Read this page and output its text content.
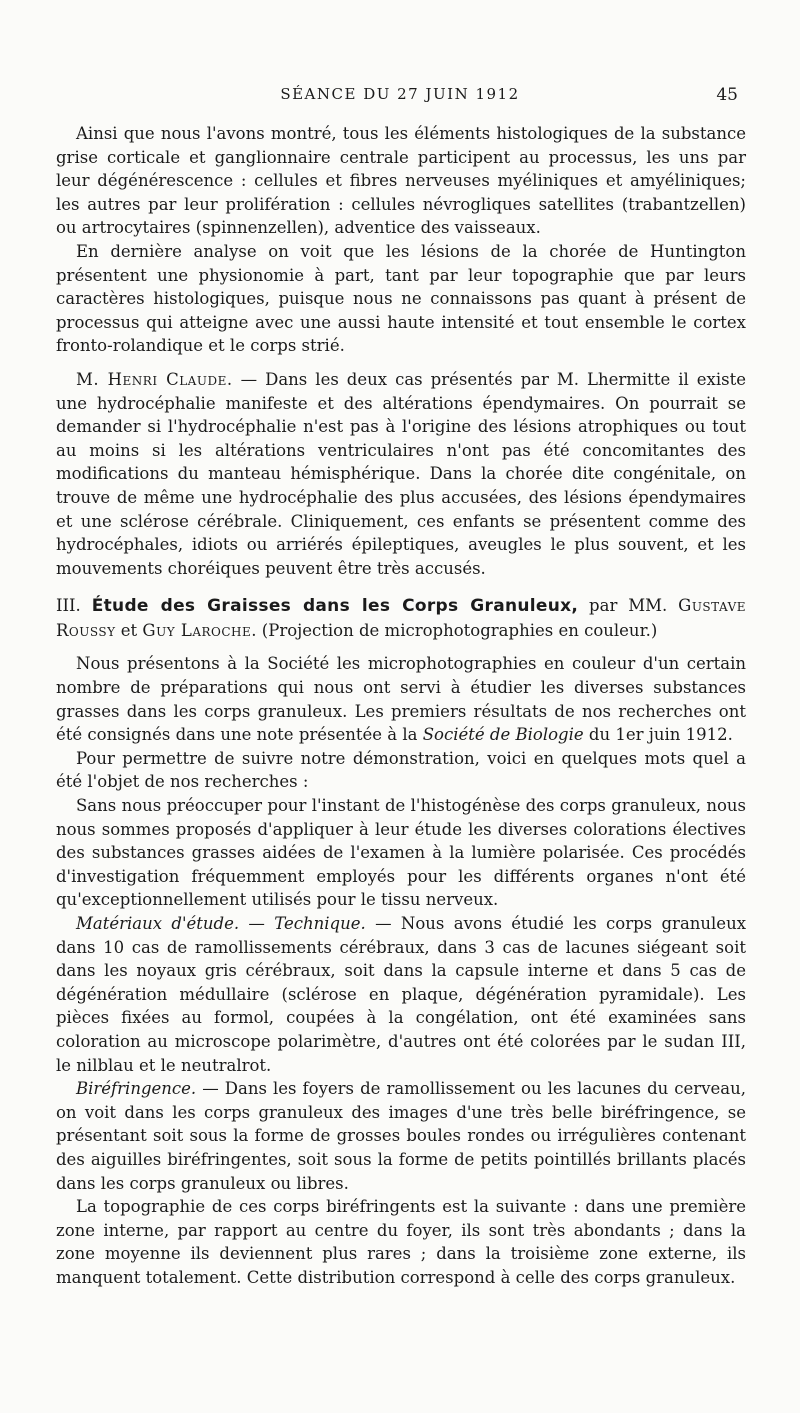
SÉANCE DU 27 JUIN 1912	45

Ainsi que nous l'avons montré, tous les éléments histologiques de la substance grise corticale et ganglionnaire centrale participent au processus, les uns par leur dégénérescence : cellules et fibres nerveuses myéliniques et amyéliniques; les autres par leur prolifération : cellules névrogliques satellites (trabantzellen) ou artrocytaires (spinnenzellen), adventice des vaisseaux.

En dernière analyse on voit que les lésions de la chorée de Huntington présentent une physionomie à part, tant par leur topographie que par leurs caractères histologiques, puisque nous ne connaissons pas quant à présent de processus qui atteigne avec une aussi haute intensité et tout ensemble le cortex fronto-rolandique et le corps strié.

M. Henri Claude. — Dans les deux cas présentés par M. Lhermitte il existe une hydrocéphalie manifeste et des altérations épendymaires. On pourrait se demander si l'hydrocéphalie n'est pas à l'origine des lésions atrophiques ou tout au moins si les altérations ventriculaires n'ont pas été concomitantes des modifications du manteau hémisphérique. Dans la chorée dite congénitale, on trouve de même une hydrocéphalie des plus accusées, des lésions épendymaires et une sclérose cérébrale. Cliniquement, ces enfants se présentent comme des hydrocéphales, idiots ou arriérés épileptiques, aveugles le plus souvent, et les mouvements choréiques peuvent être très accusés.

III. Étude des Graisses dans les Corps Granuleux, par MM. Gustave Roussy et Guy Laroche. (Projection de microphotographies en couleur.)

Nous présentons à la Société les microphotographies en couleur d'un certain nombre de préparations qui nous ont servi à étudier les diverses substances grasses dans les corps granuleux. Les premiers résultats de nos recherches ont été consignés dans une note présentée à la Société de Biologie du 1er juin 1912.

Pour permettre de suivre notre démonstration, voici en quelques mots quel a été l'objet de nos recherches :

Sans nous préoccuper pour l'instant de l'histogénèse des corps granuleux, nous nous sommes proposés d'appliquer à leur étude les diverses colorations électives des substances grasses aidées de l'examen à la lumière polarisée. Ces procédés d'investigation fréquemment employés pour les différents organes n'ont été qu'exceptionnellement utilisés pour le tissu nerveux.

Matériaux d'étude. — Technique. — Nous avons étudié les corps granuleux dans 10 cas de ramollissements cérébraux, dans 3 cas de lacunes siégeant soit dans les noyaux gris cérébraux, soit dans la capsule interne et dans 5 cas de dégénération médullaire (sclérose en plaque, dégénération pyramidale). Les pièces fixées au formol, coupées à la congélation, ont été examinées sans coloration au microscope polarimètre, d'autres ont été colorées par le sudan III, le nilblau et le neutralrot.

Biréfringence. — Dans les foyers de ramollissement ou les lacunes du cerveau, on voit dans les corps granuleux des images d'une très belle biréfringence, se présentant soit sous la forme de grosses boules rondes ou irrégulières contenant des aiguilles biréfringentes, soit sous la forme de petits pointillés brillants placés dans les corps granuleux ou libres.

La topographie de ces corps biréfringents est la suivante : dans une première zone interne, par rapport au centre du foyer, ils sont très abondants ; dans la zone moyenne ils deviennent plus rares ; dans la troisième zone externe, ils manquent totalement. Cette distribution correspond à celle des corps granuleux.
